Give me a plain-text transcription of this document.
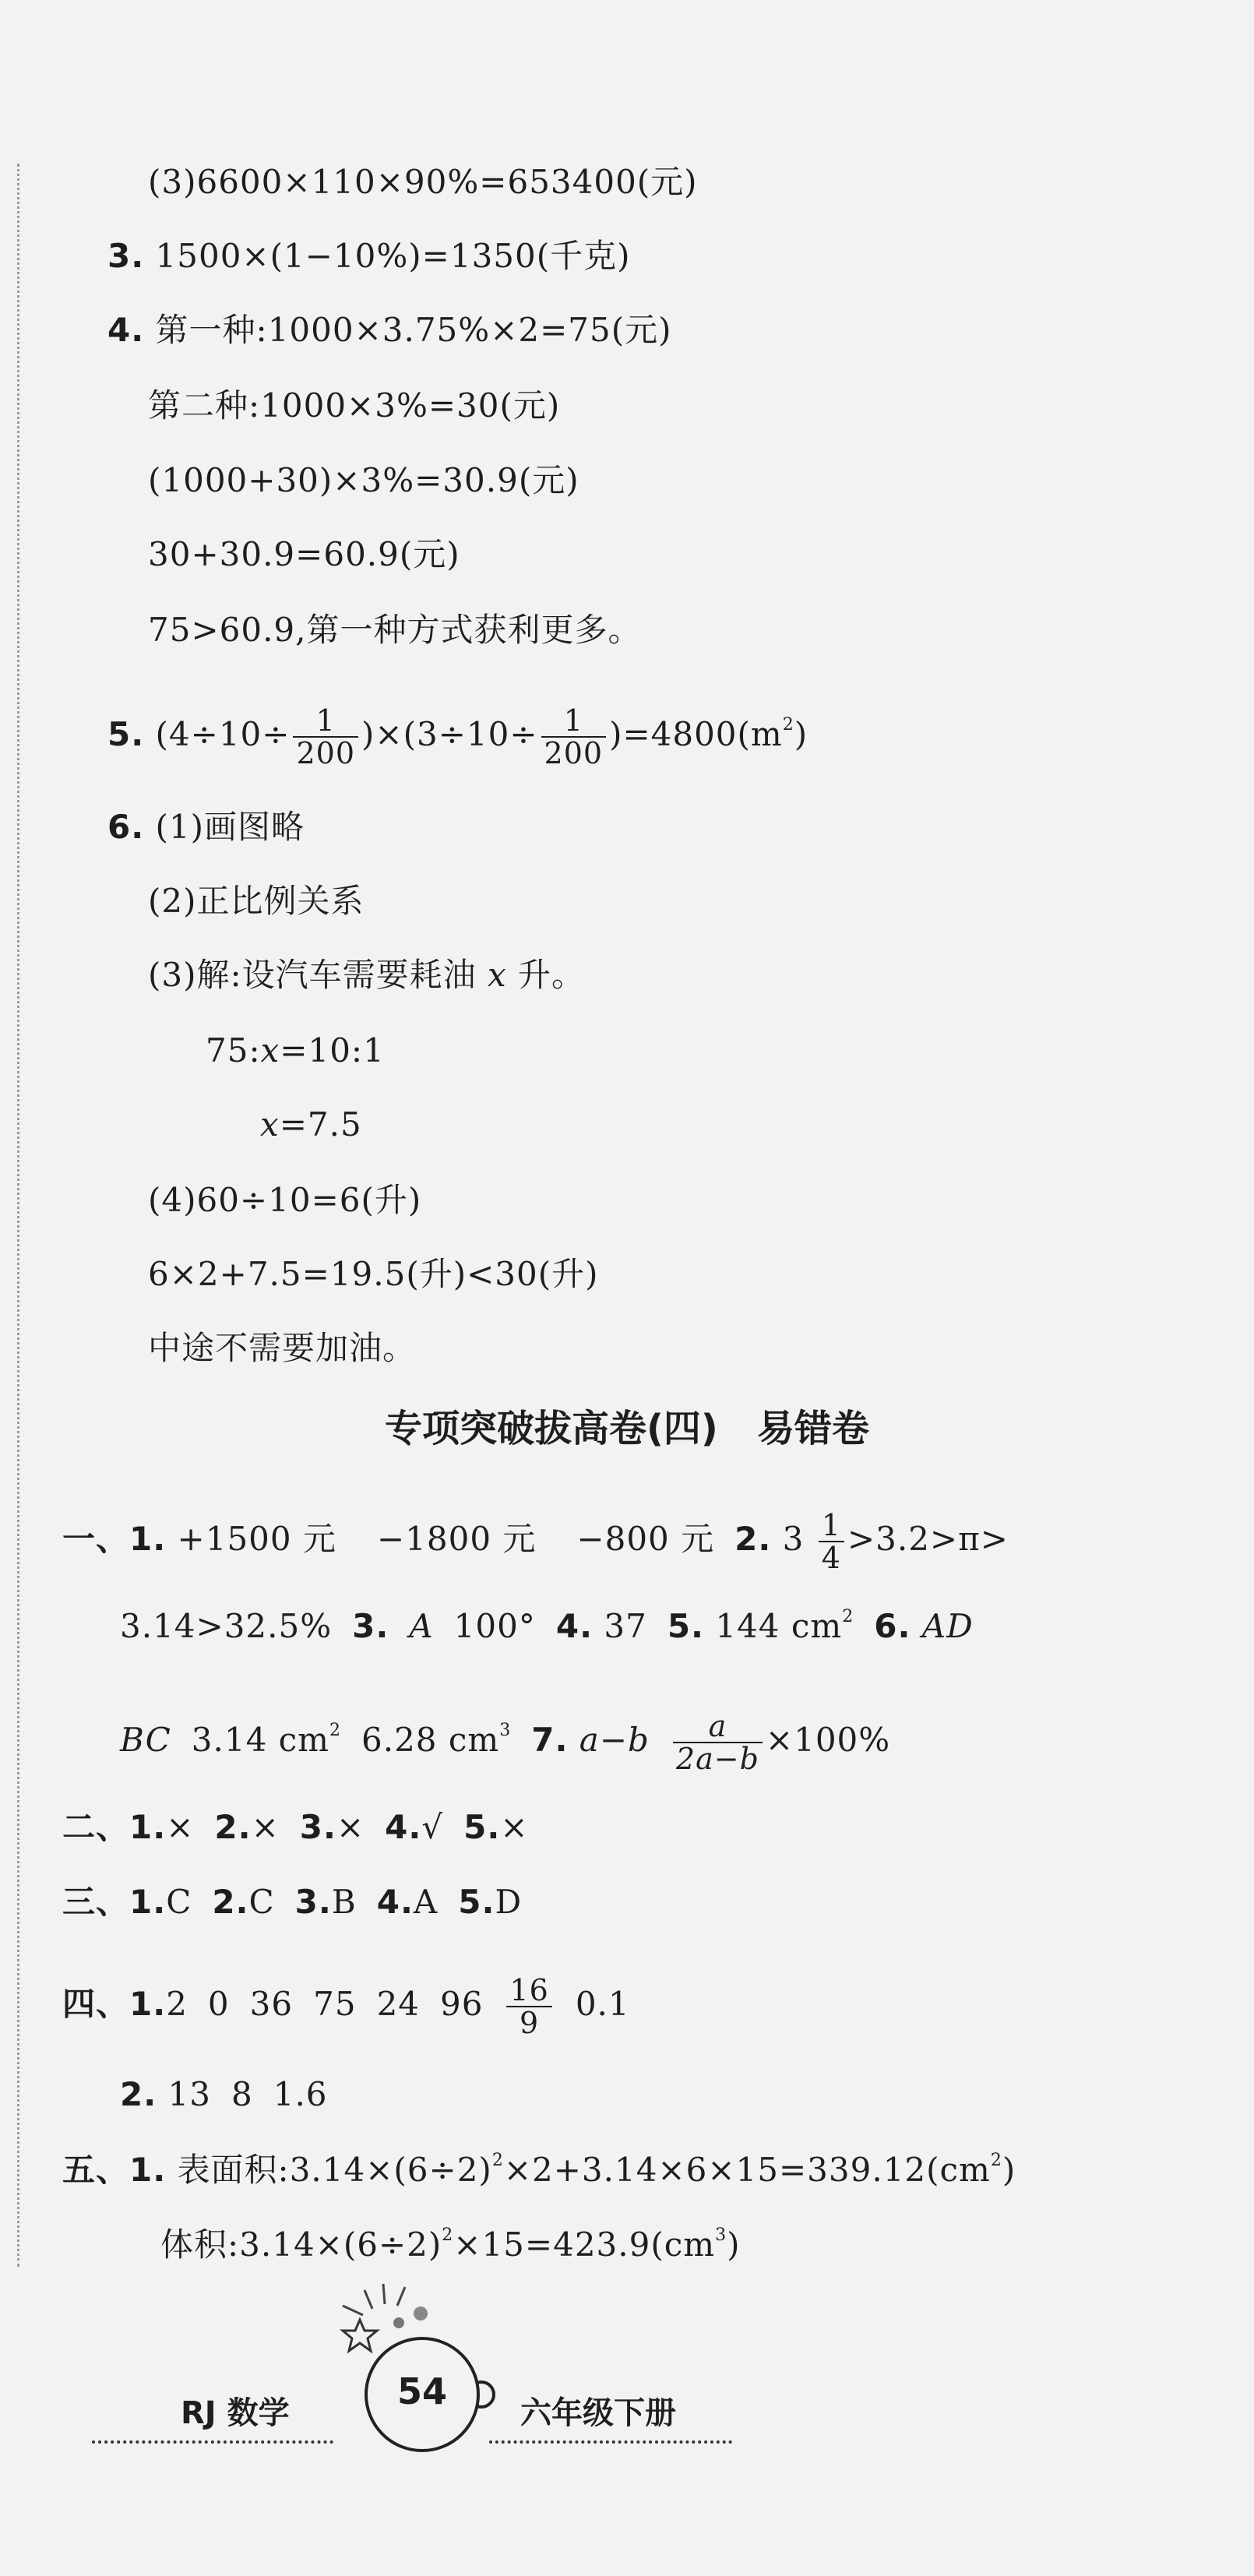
(3)6600×110×90%=653400(元)
3. 1500×(1−10%)=1350(千克)
4. 第一种:1000×3.75%×2=75(元)
第二种:1000×3%=30(元)
(1000+30)×3%=30.9(元)
30+30.9=60.9(元)
75>60.9,第一种方式获利更多。
5. $(4\div 10\div \frac{1}{200} )\times(3\div 10\div \frac{1}{200} )=4800(m^2)$
6. (1)画图略
(2)正比例关系
(3)解:设汽车需要耗油 x 升。
75:x=10:1
x=7.5
(4)60÷10=6(升)
6×2+7.5=19.5(升)<30(升)
中途不需要加油。
专项突破拔高卷(四)   易错卷
一、1. +1500 元 −1800 元 −800 元 2. $3 \frac{1}{4} >3.2>\pi>$
3.14>32.5% 3. A 100° 4. 37 5. 144 $cm^2$ 6. AD
BC 3.14 $cm^2$ 6.28 $cm^3$ 7. $a-b \frac{a}{2a-b} \times 100\%$
二、1.× 2.× 3.× 4.√ 5.×
三、1.C 2.C 3.B 4.A 5.D
四、1.2 0 36 75 24 $96 \frac{16}{9} 0.1$
2. 13 8 1.6
五、1. 表面积$:3.14\times(6\div 2)^2\times 2+3.14\times 6\times 15=339.12(cm^2)$
体积$:3.14\times(6\div 2)^2\times 15=423.9(cm^3)$
54
RJ 数学	六年级下册
